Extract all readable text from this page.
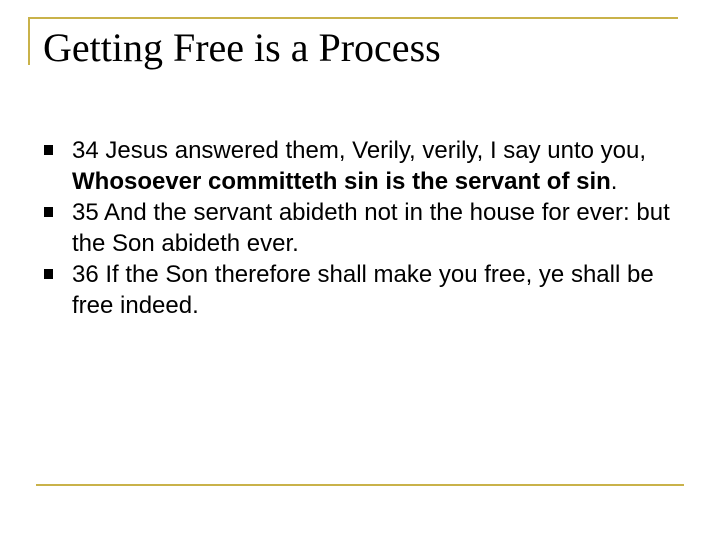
Getting Free is a Process
34 Jesus answered them, Verily, verily, I say unto you, Whosoever committeth sin is the servant of sin.
35 And the servant abideth not in the house for ever: but the Son abideth ever.
36 If the Son therefore shall make you free, ye shall be free indeed.
